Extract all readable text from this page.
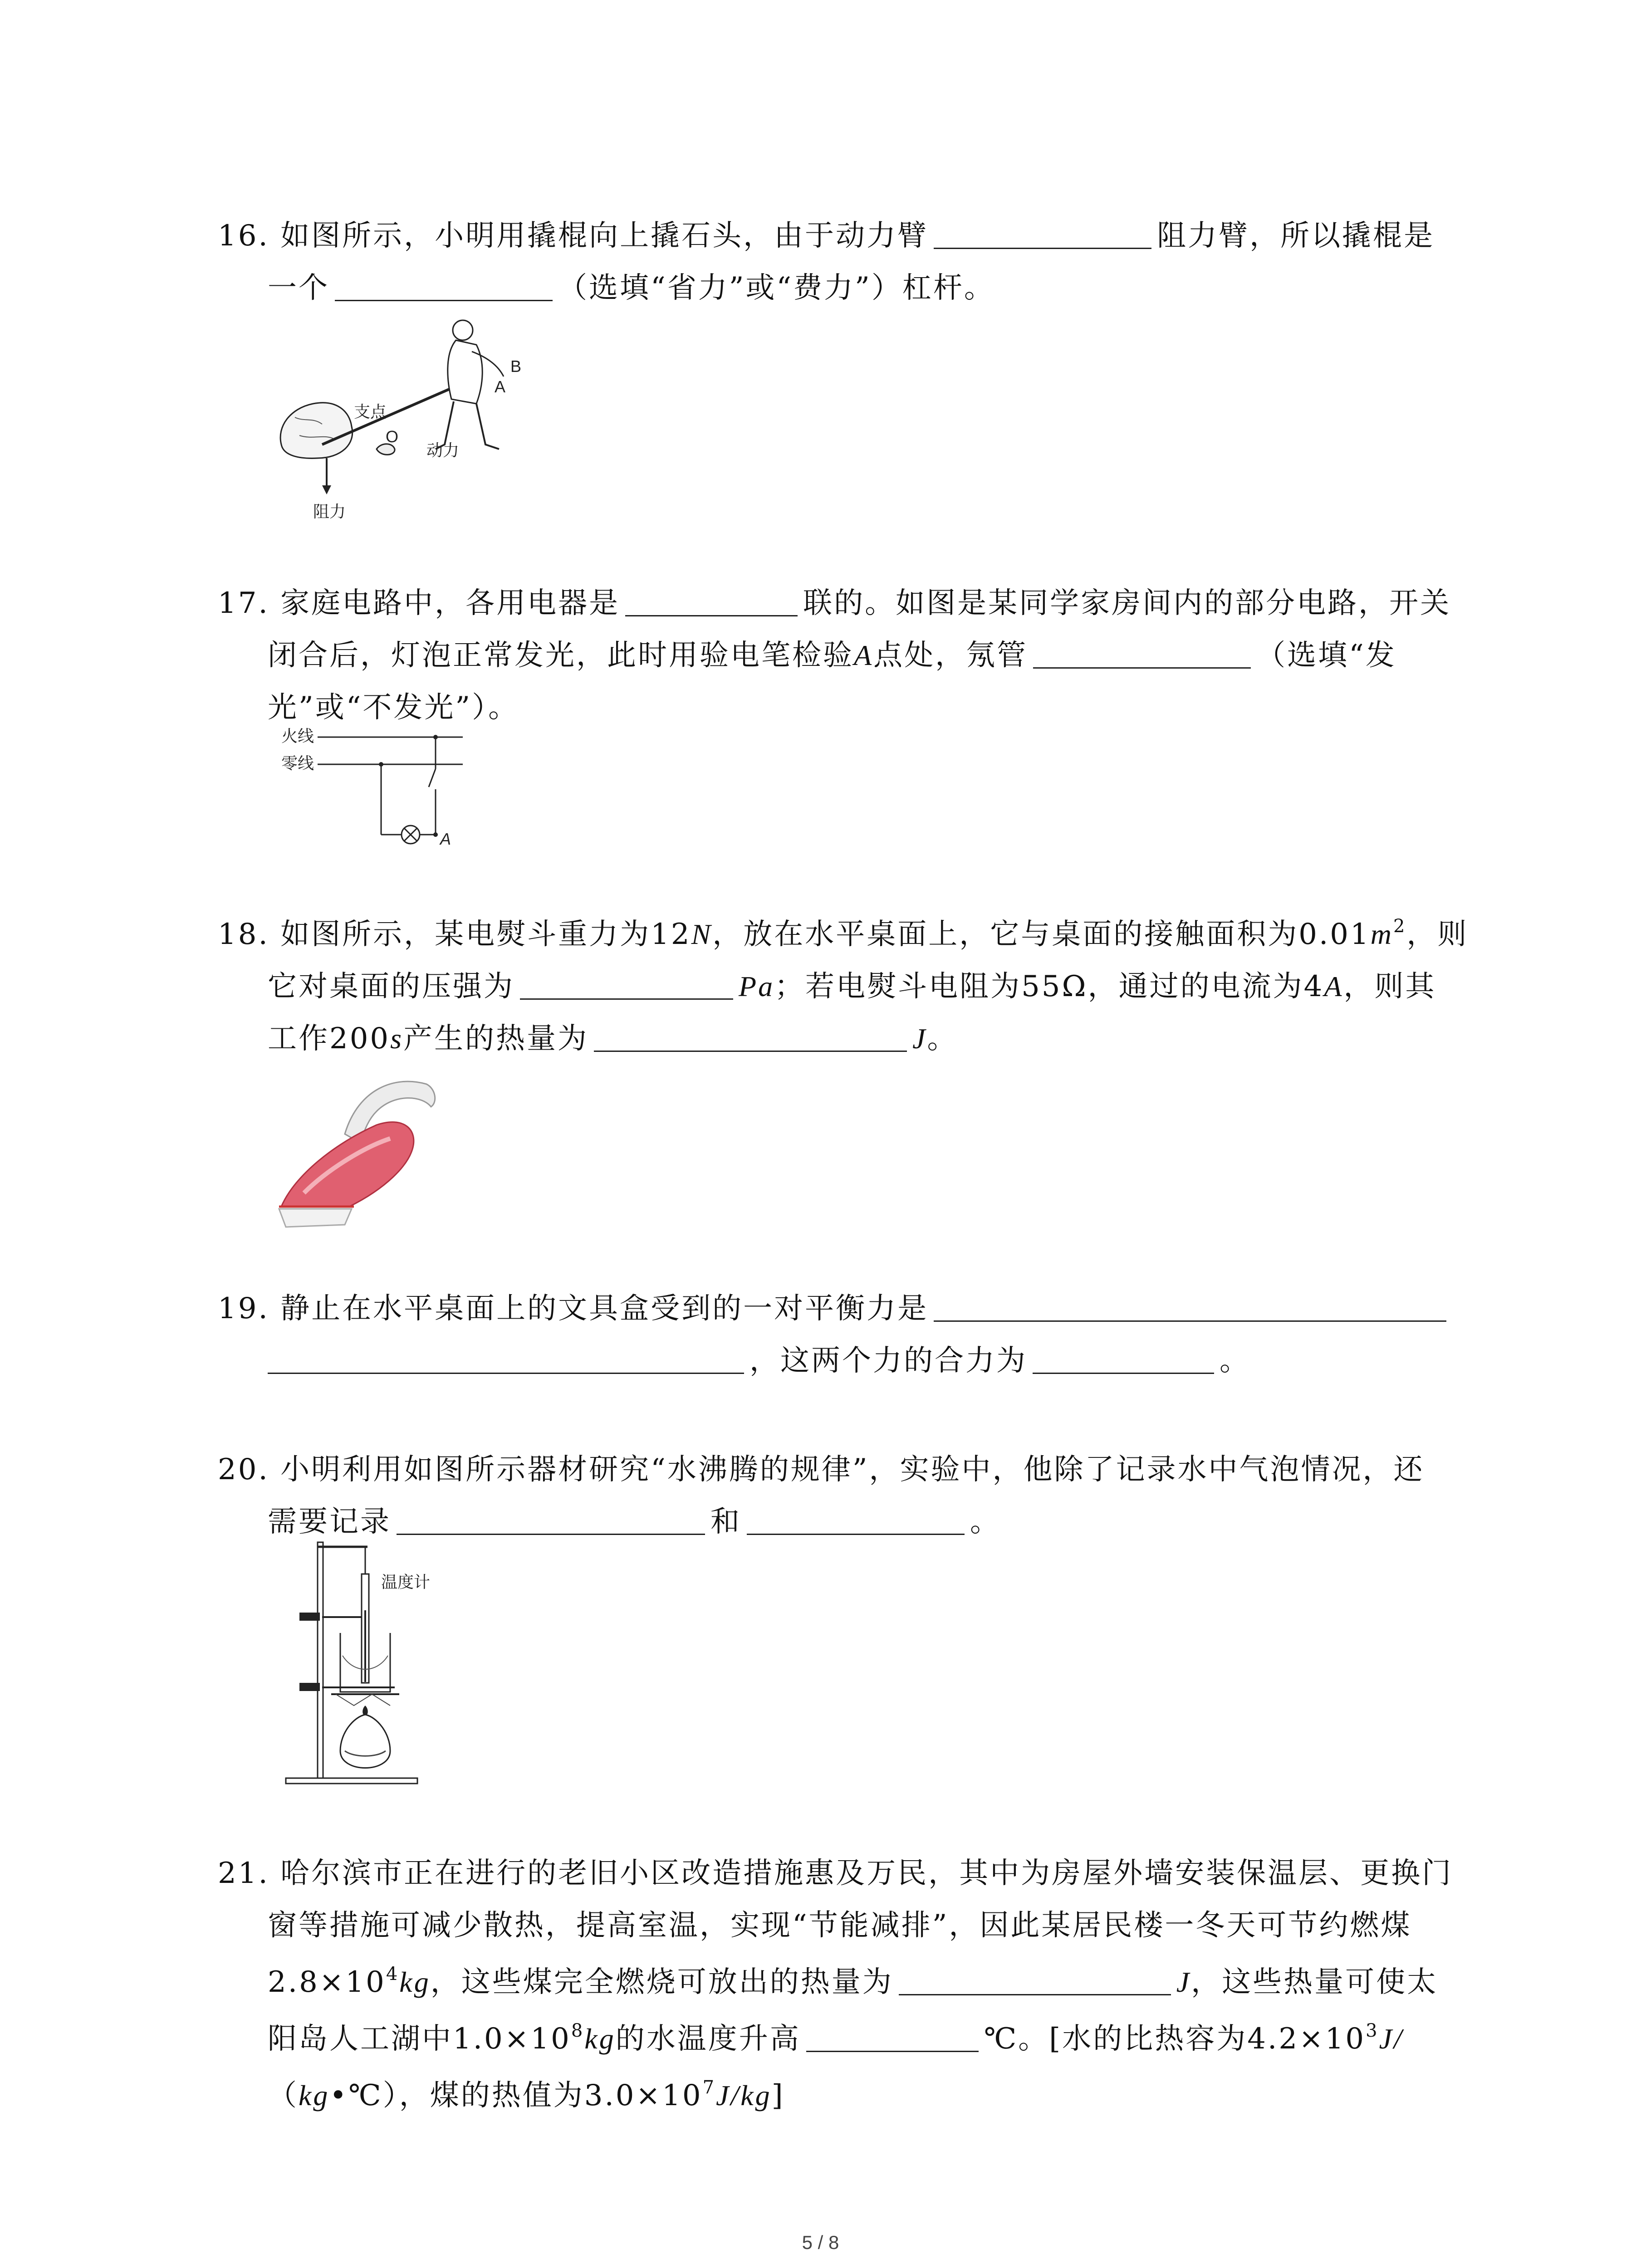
16. 如图所示，小明用撬棍向上撬石头，由于动力臂	阻力臂，所以撬棍是
一个	（选填“省力”或“费力”）杠杆。
B
A
O
支点
动力
阻力
17. 家庭电路中，各用电器是	联的。如图是某同学家房间内的部分电路，开关
闭合后，灯泡正常发光，此时用验电笔检验A点处，氖管	（选填“发
光”或“不发光”）。
火线
零线
A
18. 如图所示，某电熨斗重力为12N，放在水平桌面上，它与桌面的接触面积为$0.01m^2$，则
它对桌面的压强为	Pa；若电熨斗电阻为55Ω，通过的电流为4A，则其
工作200s产生的热量为	J。
19. 静止在水平桌面上的文具盒受到的一对平衡力是
，这两个力的合力为	。
20. 小明利用如图所示器材研究“水沸腾的规律”，实验中，他除了记录水中气泡情况，还
需要记录	和	。
温度计
21. 哈尔滨市正在进行的老旧小区改造措施惠及万民，其中为房屋外墙安装保温层、更换门
窗等措施可减少散热，提高室温，实现“节能减排”，因此某居民楼一冬天可节约燃煤
$2.8\times 10^4kg$，这些煤完全燃烧可放出的热量为	J，这些热量可使太
阳岛人工湖中$1.0\times 10^8kg$的水温度升高	℃。[水的比热容为$4.2\times 10^3J/$
（kg•℃），煤的热值为$3.0\times 10^7J/kg$]
5 / 8
